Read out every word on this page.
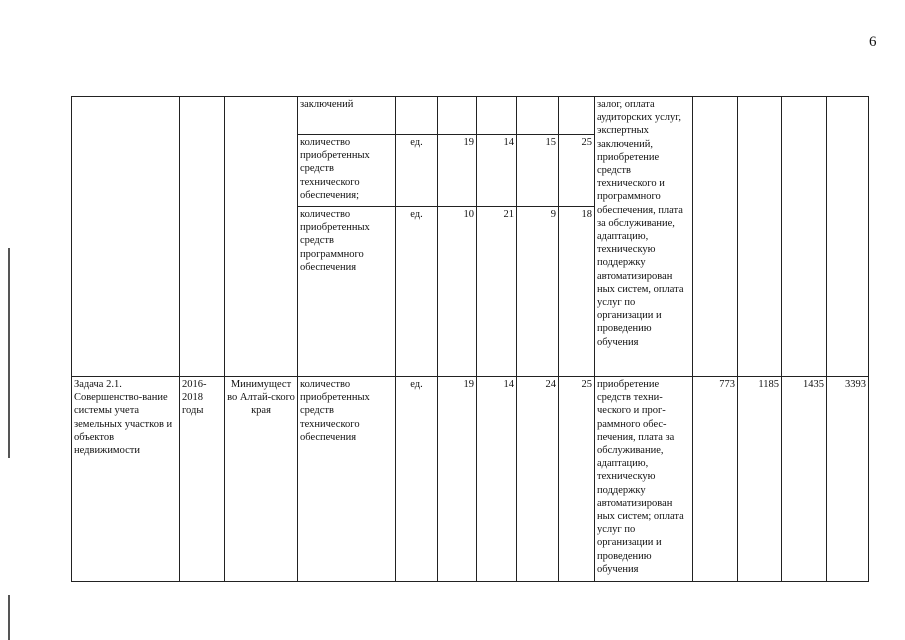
6
			заключений						залог, оплата аудиторских услуг, экспертных заключений, приобретение средств технического и программного обеспечения, плата за обслуживание, адаптацию, техническую поддержку автоматизирован ных систем, оплата услуг по организации и проведению обучения				
			количество приобретенных средств технического обеспечения;	ед.	19	14	15	25					
			количество приобретенных средств программного обеспечения	ед.	10	21	9	18					
Задача 2.1. Совершенство-вание системы учета земельных участков и объектов недвижимости	2016-2018 годы	Минимущест во Алтай-ского края	количество приобретенных средств технического обеспечения	ед.	19	14	24	25	приобретение средств техни-ческого и прог-раммного обес-печения, плата за обслуживание, адаптацию, техническую поддержку автоматизирован ных систем; оплата услуг по организации и проведению обучения	773	1185	1435	3393
